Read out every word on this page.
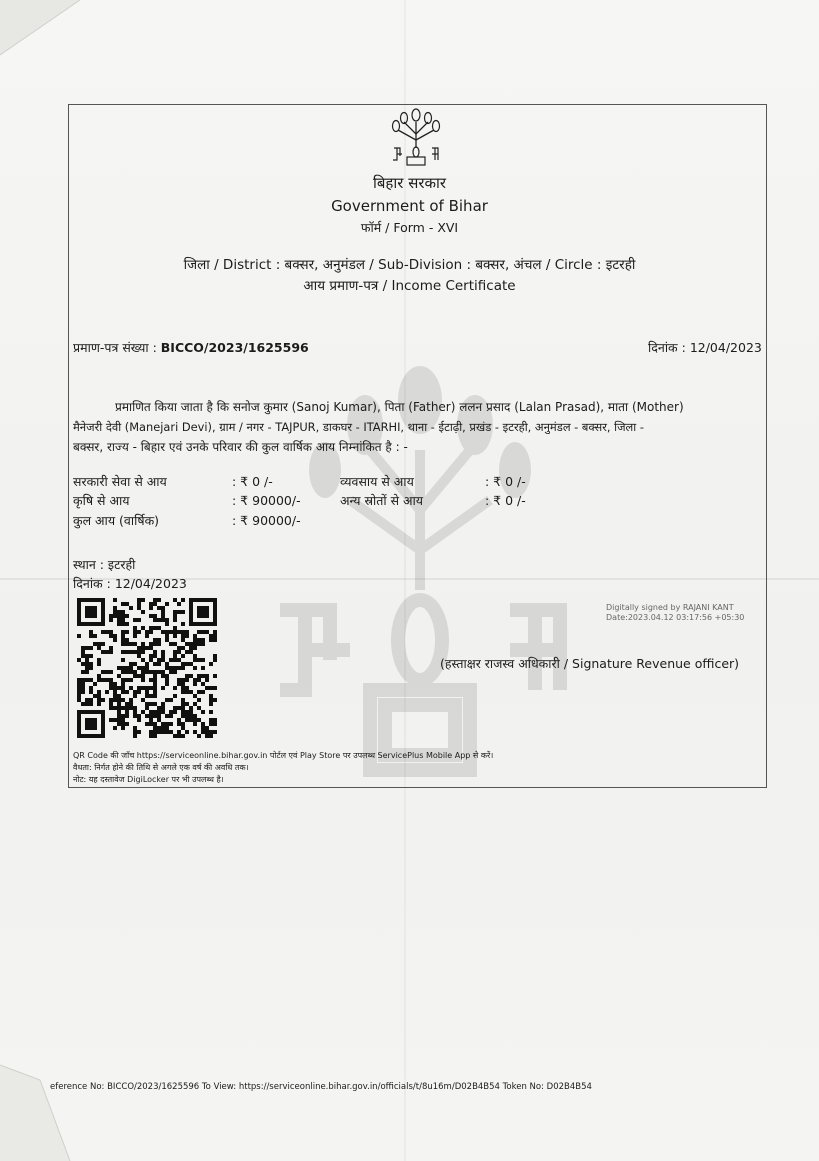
बिहार सरकार
Government of Bihar
फॉर्म / Form - XVI
जिला / District : बक्सर, अनुमंडल / Sub-Division : बक्सर, अंचल / Circle : इटरही
आय प्रमाण-पत्र / Income Certificate
प्रमाण-पत्र संख्या : BICCO/2023/1625596	दिनांक : 12/04/2023
प्रमाणित किया जाता है कि सनोज कुमार (Sanoj Kumar), पिता (Father) ललन प्रसाद (Lalan Prasad), माता (Mother)
मैनेजरी देवी (Manejari Devi), ग्राम / नगर - TAJPUR, डाकघर - ITARHI, थाना - ईटाढ़ी, प्रखंड - इटरही, अनुमंडल - बक्सर, जिला -
बक्सर, राज्य - बिहार एवं उनके परिवार की कुल वार्षिक आय निम्नांकित है : -
सरकारी सेवा से आय	: ₹ 0 /-	व्यवसाय से आय	: ₹ 0 /-
कृषि से आय	: ₹ 90000/-	अन्य स्रोतों से आय	: ₹ 0 /-
कुल आय (वार्षिक)	: ₹ 90000/-
स्थान : इटरही
दिनांक : 12/04/2023
Digitally signed by RAJANI KANT
Date:2023.04.12 03:17:56 +05:30
(हस्ताक्षर राजस्व अधिकारी / Signature Revenue officer)
QR Code की जाँच https://serviceonline.bihar.gov.in पोर्टल एवं Play Store पर उपलब्ध ServicePlus Mobile App से करें।
वैधता: निर्गत होने की तिथि से अगले एक वर्ष की अवधि तक।
नोट: यह दस्तावेज DigiLocker पर भी उपलब्ध है।
eference No: BICCO/2023/1625596 To View: https://serviceonline.bihar.gov.in/officials/t/8u16m/D02B4B54 Token No: D02B4B54
